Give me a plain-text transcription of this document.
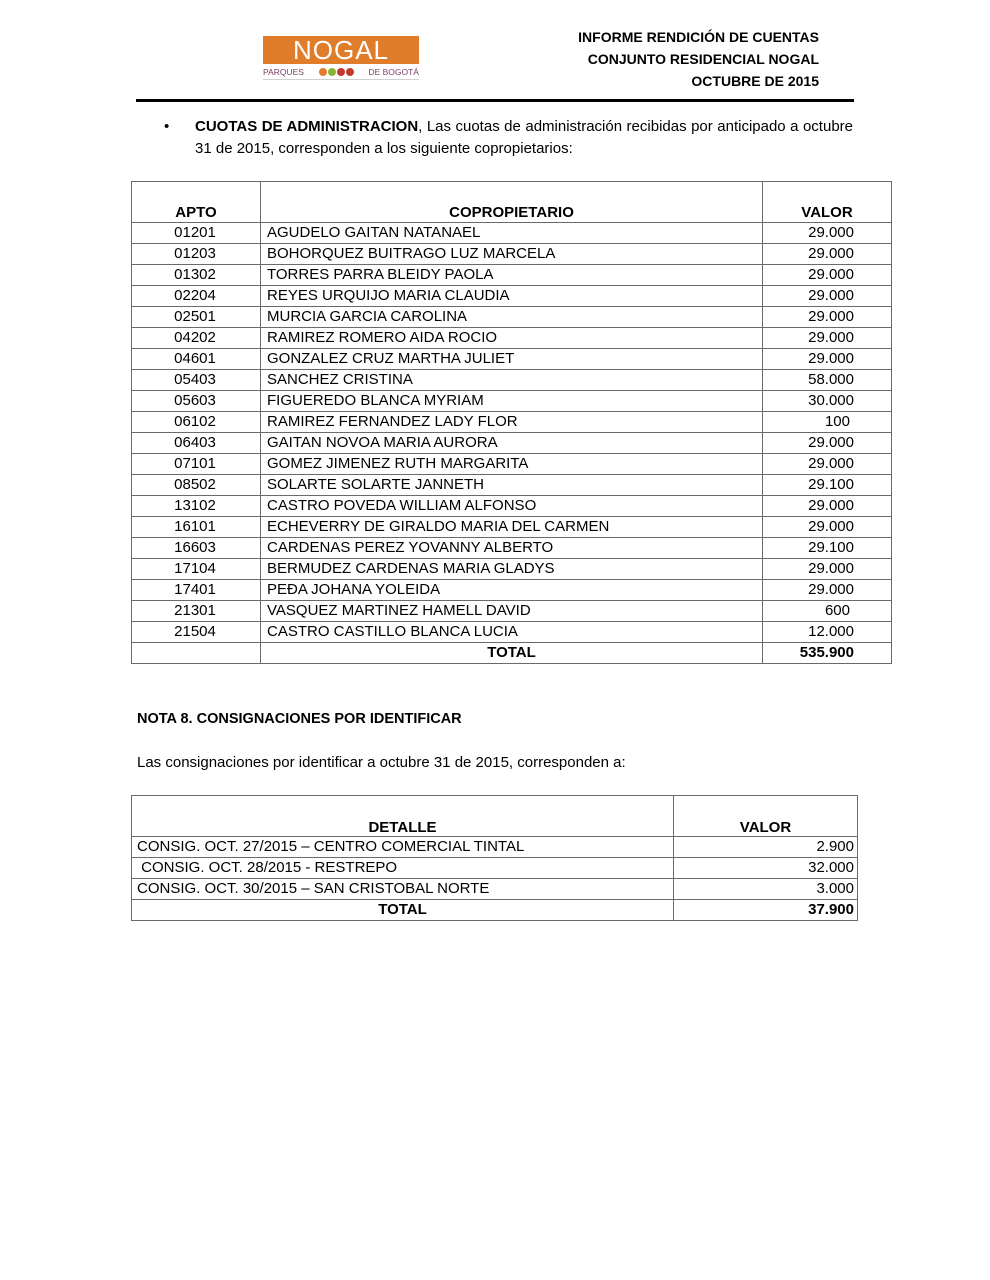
NOGAL
PARQUES	DE BOGOTÁ
INFORME RENDICIÓN DE CUENTAS
CONJUNTO RESIDENCIAL NOGAL
OCTUBRE DE 2015
• CUOTAS DE ADMINISTRACION, Las cuotas de administración recibidas por anticipado a octubre 31 de 2015, corresponden a los siguiente copropietarios:
APTO	COPROPIETARIO	VALOR
01201	AGUDELO GAITAN NATANAEL	29.000
01203	BOHORQUEZ BUITRAGO LUZ MARCELA	29.000
01302	TORRES PARRA BLEIDY PAOLA	29.000
02204	REYES URQUIJO MARIA CLAUDIA	29.000
02501	MURCIA GARCIA CAROLINA	29.000
04202	RAMIREZ ROMERO AIDA ROCIO	29.000
04601	GONZALEZ CRUZ MARTHA JULIET	29.000
05403	SANCHEZ CRISTINA	58.000
05603	FIGUEREDO BLANCA MYRIAM	30.000
06102	RAMIREZ FERNANDEZ LADY FLOR	100
06403	GAITAN NOVOA MARIA AURORA	29.000
07101	GOMEZ JIMENEZ RUTH MARGARITA	29.000
08502	SOLARTE SOLARTE JANNETH	29.100
13102	CASTRO POVEDA WILLIAM ALFONSO	29.000
16101	ECHEVERRY DE GIRALDO MARIA DEL CARMEN	29.000
16603	CARDENAS PEREZ YOVANNY ALBERTO	29.100
17104	BERMUDEZ CARDENAS MARIA GLADYS	29.000
17401	PEĐA JOHANA YOLEIDA	29.000
21301	VASQUEZ MARTINEZ HAMELL DAVID	600
21504	CASTRO CASTILLO BLANCA LUCIA	12.000
	TOTAL	535.900
NOTA 8. CONSIGNACIONES POR IDENTIFICAR
Las consignaciones por identificar a octubre 31 de 2015, corresponden a:
DETALLE	VALOR
CONSIG. OCT. 27/2015 – CENTRO COMERCIAL TINTAL	2.900
CONSIG. OCT. 28/2015 - RESTREPO	32.000
CONSIG. OCT. 30/2015 – SAN CRISTOBAL NORTE	3.000
TOTAL	37.900
